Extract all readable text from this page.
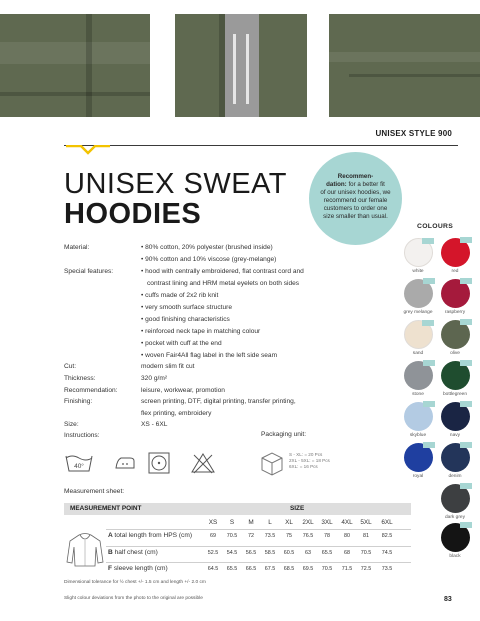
UNISEX STYLE 900
UNISEX SWEAT
HOODIES
Recommen-
dation: for a better fit
of our unisex hoodies, we recommend our female customers to order one size smaller than usual.
Material:	• 80% cotton, 20% polyester (brushed inside)
• 90% cotton and 10% viscose (grey-melange)
Special features:	• hood with centrally embroidered, flat contrast cord and
contrast lining and HRM metal eyelets on both sides
• cuffs made of 2x2 rib knit
• very smooth surface structure
• good finishing characteristics
• reinforced neck tape in matching colour
• pocket with cuff at the end
• woven Fair4All flag label in the left side seam
Cut:	modern slim fit cut
Thickness:	320 g/m²
Recommendation:	leisure, workwear, promotion
Finishing:	screen printing, DTF, digital printing, transfer printing,
flex printing, embroidery
Size:	XS - 6XL
Instructions:	Packaging unit:
40°
S - XL: = 20 Pcs
2XL - 5XL: = 18 Pcs
6XL: = 16 Pcs
COLOURS
white	red
grey melange	raspberry
sand	olive
stone	bottlegreen
skyblue	navy
royal	denim
dark grey
black
Measurement sheet:
MEASUREMENT POINT	SIZE
XS	S	M	L	XL	2XL	3XL	4XL	5XL	6XL
A total length from HPS (cm)	69	70.5	72	73.5	75	76.5	78	80	81	82.5
B half chest (cm)	52.5	54.5	56.5	58.5	60.5	63	65.5	68	70.5	74.5
F sleeve length (cm)	64.5	65.5	66.5	67.5	68.5	69.5	70.5	71.5	72.5	73.5
Dimensional tolerance for ½ chest +/- 1.5 cm and length +/- 2.0 cm
Slight colour deviations from the photo to the original are possible	83
